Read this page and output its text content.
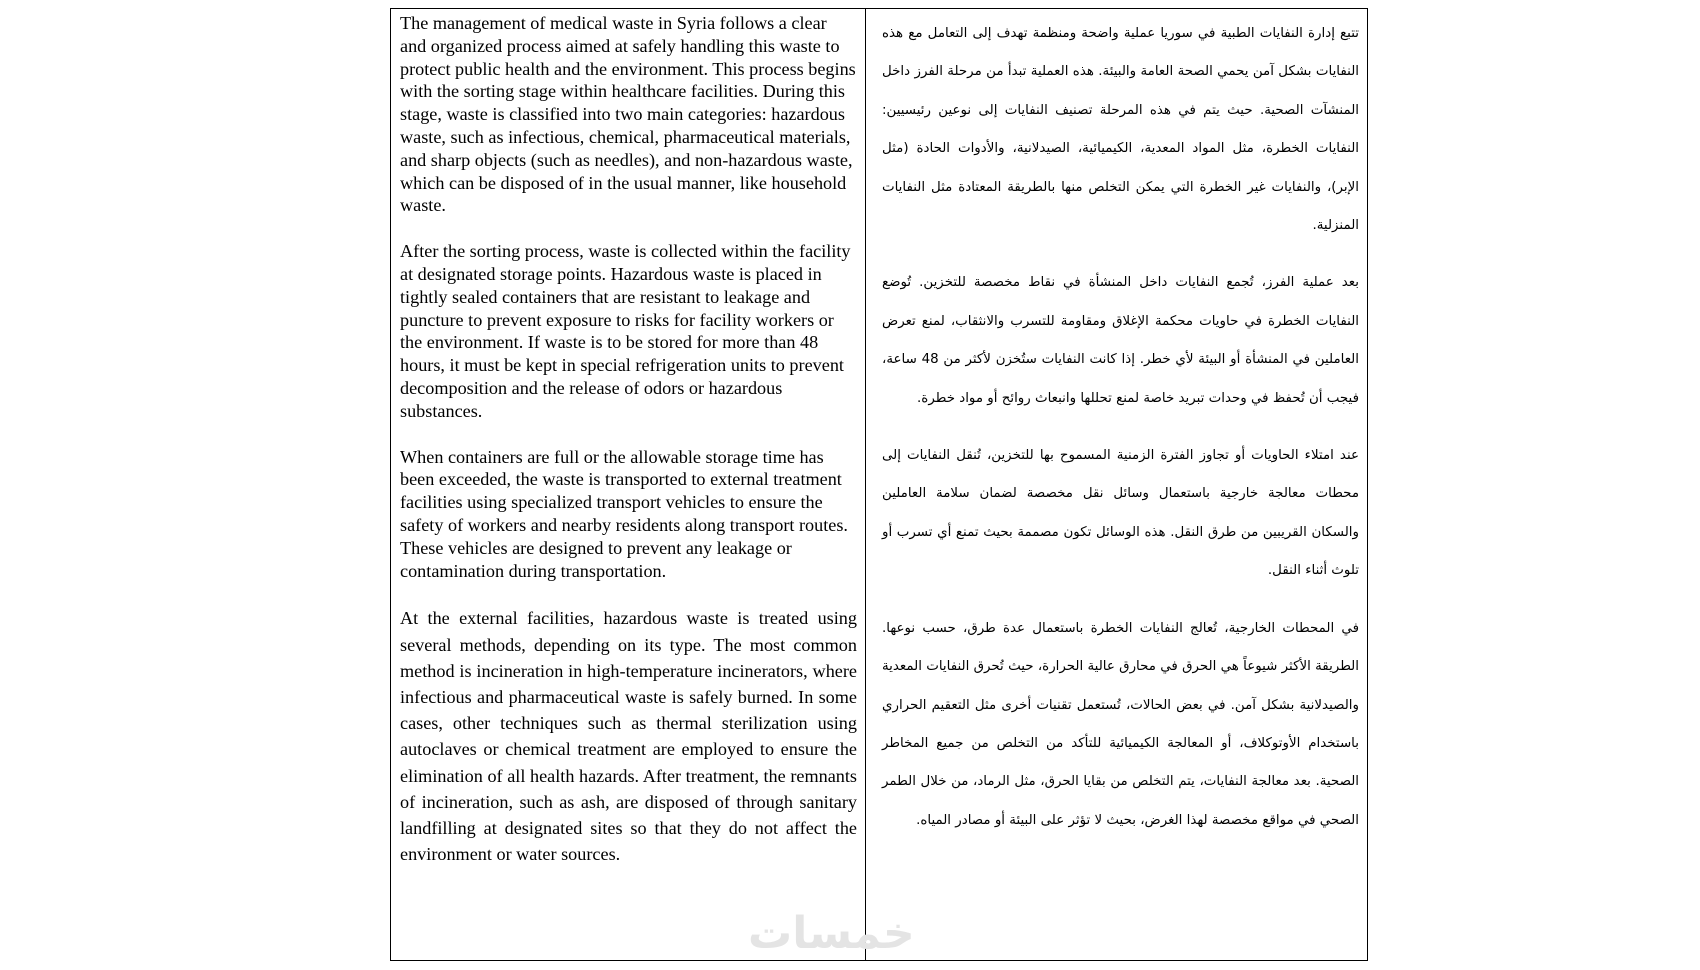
The management of medical waste in Syria follows a clear and organized process aimed at safely handling this waste to protect public health and the environment. This process begins with the sorting stage within healthcare facilities. During this stage, waste is classified into two main categories: hazardous waste, such as infectious, chemical, pharmaceutical materials, and sharp objects (such as needles), and non-hazardous waste, which can be disposed of in the usual manner, like household waste.

After the sorting process, waste is collected within the facility at designated storage points. Hazardous waste is placed in tightly sealed containers that are resistant to leakage and puncture to prevent exposure to risks for facility workers or the environment. If waste is to be stored for more than 48 hours, it must be kept in special refrigeration units to prevent decomposition and the release of odors or hazardous substances.

When containers are full or the allowable storage time has been exceeded, the waste is transported to external treatment facilities using specialized transport vehicles to ensure the safety of workers and nearby residents along transport routes. These vehicles are designed to prevent any leakage or contamination during transportation.

At the external facilities, hazardous waste is treated using several methods, depending on its type. The most common method is incineration in high-temperature incinerators, where infectious and pharmaceutical waste is safely burned. In some cases, other techniques such as thermal sterilization using autoclaves or chemical treatment are employed to ensure the elimination of all health hazards. After treatment, the remnants of incineration, such as ash, are disposed of through sanitary landfilling at designated sites so that they do not affect the environment or water sources.

تتبع إدارة النفايات الطبية في سوريا عملية واضحة ومنظمة تهدف إلى التعامل مع هذه النفايات بشكل آمن يحمي الصحة العامة والبيئة. هذه العملية تبدأ من مرحلة الفرز داخل المنشآت الصحية. حيث يتم في هذه المرحلة تصنيف النفايات إلى نوعين رئيسيين: النفايات الخطرة، مثل المواد المعدية، الكيميائية، الصيدلانية، والأدوات الحادة (مثل الإبر)، والنفايات غير الخطرة التي يمكن التخلص منها بالطريقة المعتادة مثل النفايات المنزلية.

بعد عملية الفرز، تُجمع النفايات داخل المنشأة في نقاط مخصصة للتخزين. تُوضع النفايات الخطرة في حاويات محكمة الإغلاق ومقاومة للتسرب والانثقاب، لمنع تعرض العاملين في المنشأة أو البيئة لأي خطر. إذا كانت النفايات ستُخزن لأكثر من 48 ساعة، فيجب أن تُحفظ في وحدات تبريد خاصة لمنع تحللها وانبعاث روائح أو مواد خطرة.

عند امتلاء الحاويات أو تجاوز الفترة الزمنية المسموح بها للتخزين، تُنقل النفايات إلى محطات معالجة خارجية باستعمال وسائل نقل مخصصة لضمان سلامة العاملين والسكان القريبين من طرق النقل. هذه الوسائل تكون مصممة بحيث تمنع أي تسرب أو تلوث أثناء النقل.

في المحطات الخارجية، تُعالج النفايات الخطرة باستعمال عدة طرق، حسب نوعها. الطريقة الأكثر شيوعاً هي الحرق في محارق عالية الحرارة، حيث تُحرق النفايات المعدية والصيدلانية بشكل آمن. في بعض الحالات، تُستعمل تقنيات أخرى مثل التعقيم الحراري باستخدام الأوتوكلاف، أو المعالجة الكيميائية للتأكد من التخلص من جميع المخاطر الصحية. بعد معالجة النفايات، يتم التخلص من بقايا الحرق، مثل الرماد، من خلال الطمر الصحي في مواقع مخصصة لهذا الغرض، بحيث لا تؤثر على البيئة أو مصادر المياه.

خمسات
